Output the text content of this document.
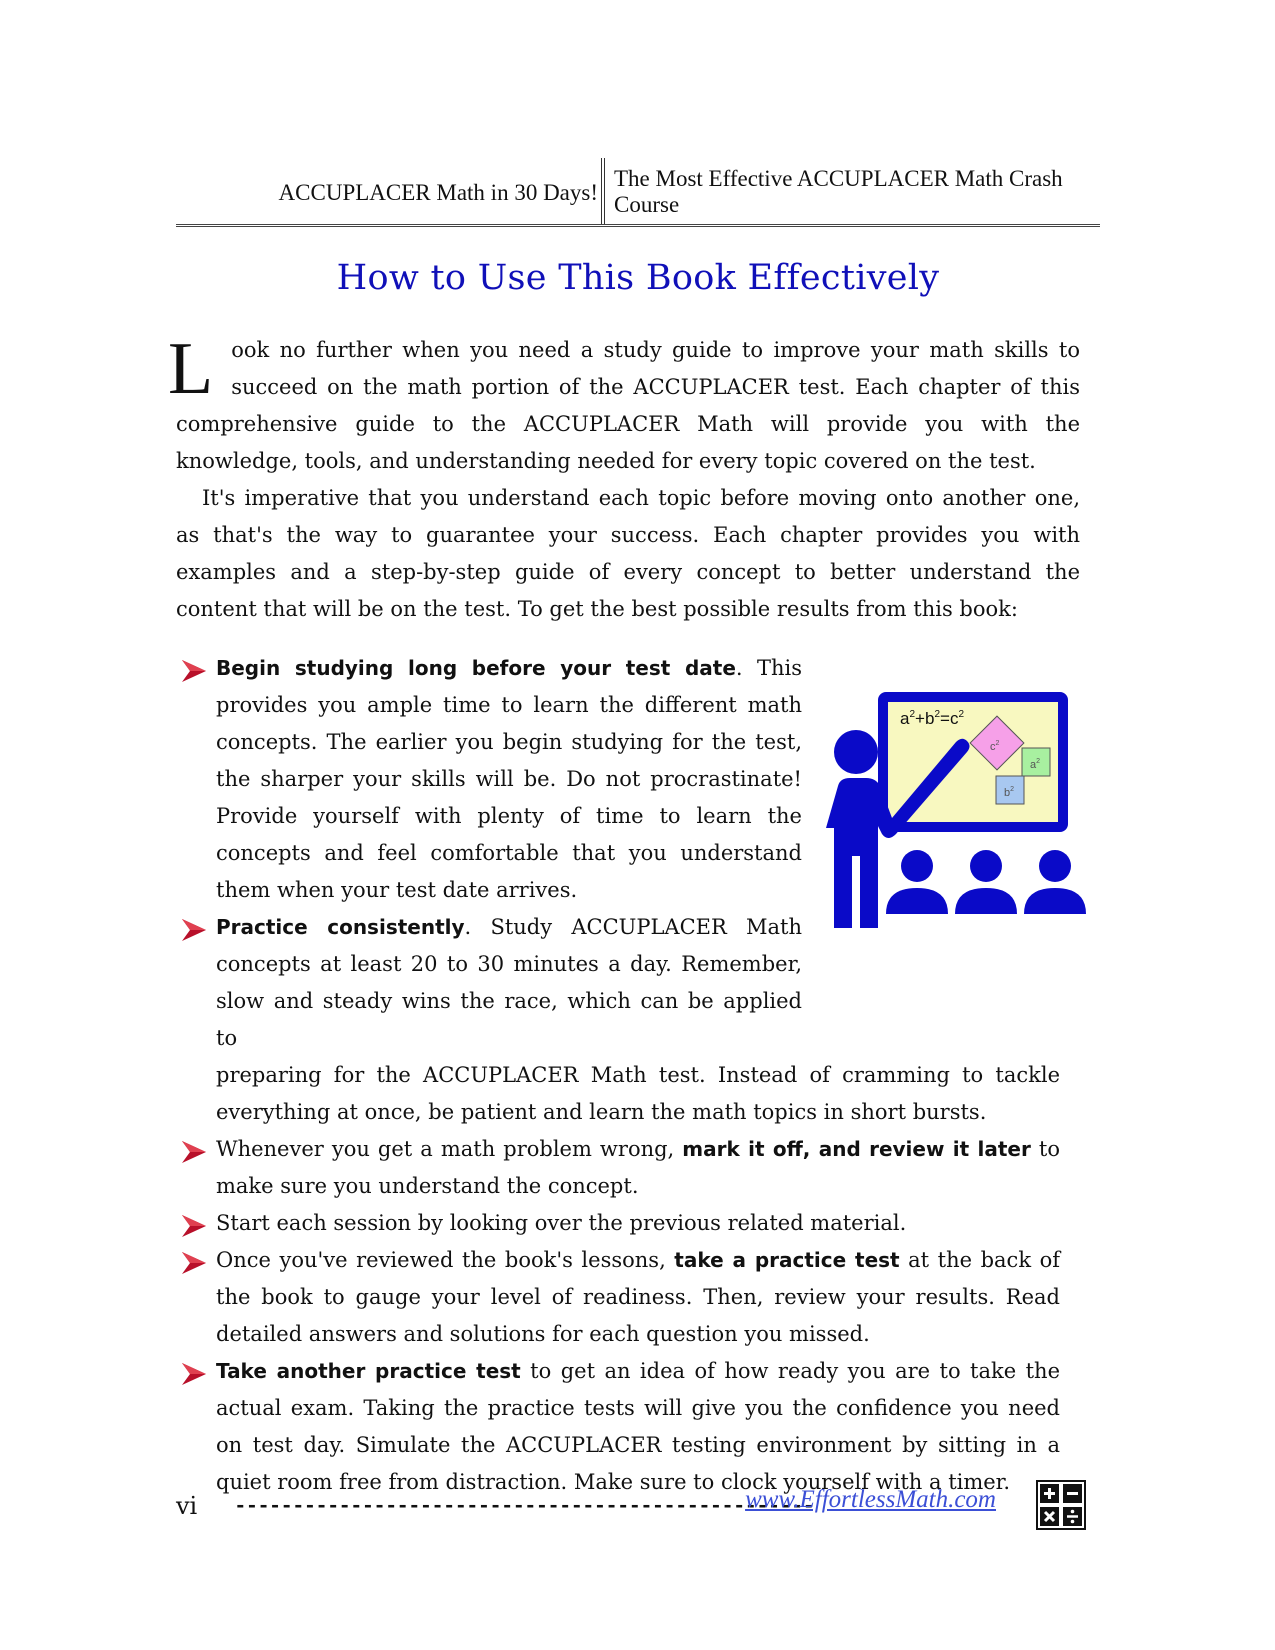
ACCUPLACER Math in 30 Days!
The Most Effective ACCUPLACER Math Crash Course
How to Use This Book Effectively

Look no further when you need a study guide to improve your math skills to succeed on the math portion of the ACCUPLACER test. Each chapter of this comprehensive guide to the ACCUPLACER Math will provide you with the knowledge, tools, and understanding needed for every topic covered on the test.

It's imperative that you understand each topic before moving onto another one, as that's the way to guarantee your success. Each chapter provides you with examples and a step-by-step guide of every concept to better understand the content that will be on the test. To get the best possible results from this book:

Begin studying long before your test date. This provides you ample time to learn the different math concepts. The earlier you begin studying for the test, the sharper your skills will be. Do not procrastinate! Provide yourself with plenty of time to learn the concepts and feel comfortable that you understand them when your test date arrives.

Practice consistently. Study ACCUPLACER Math concepts at least 20 to 30 minutes a day. Remember, slow and steady wins the race, which can be applied to

preparing for the ACCUPLACER Math test. Instead of cramming to tackle everything at once, be patient and learn the math topics in short bursts.

Whenever you get a math problem wrong, mark it off, and review it later to make sure you understand the concept.

Start each session by looking over the previous related material.

Once you've reviewed the book's lessons, take a practice test at the back of the book to gauge your level of readiness. Then, review your results. Read detailed answers and solutions for each question you missed.

Take another practice test to get an idea of how ready you are to take the actual exam. Taking the practice tests will give you the confidence you need on test day. Simulate the ACCUPLACER testing environment by sitting in a quiet room free from distraction. Make sure to clock yourself with a timer.

$a^2+b^2=c^2$
$c^2$
$a^2$
$b^2$
vi --------------------------------------------------
www.EffortlessMath.com
